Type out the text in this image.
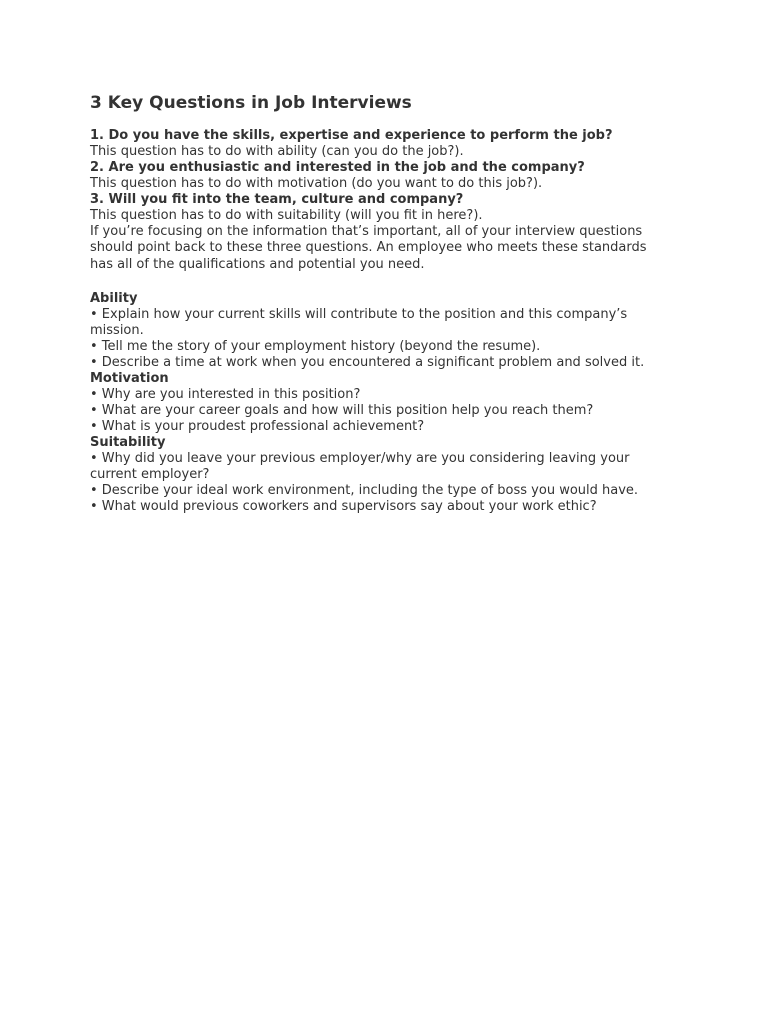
3 Key Questions in Job Interviews

1. Do you have the skills, expertise and experience to perform the job?

This question has to do with ability (can you do the job?).

2. Are you enthusiastic and interested in the job and the company?

This question has to do with motivation (do you want to do this job?).

3. Will you fit into the team, culture and company?

This question has to do with suitability (will you fit in here?).

If you’re focusing on the information that’s important, all of your interview questions should point back to these three questions. An employee who meets these standards has all of the qualifications and potential you need.

Ability

• Explain how your current skills will contribute to the position and this company’s mission.

• Tell me the story of your employment history (beyond the resume).

• Describe a time at work when you encountered a significant problem and solved it.

Motivation

• Why are you interested in this position?

• What are your career goals and how will this position help you reach them?

• What is your proudest professional achievement?

Suitability

• Why did you leave your previous employer/why are you considering leaving your current employer?

• Describe your ideal work environment, including the type of boss you would have.

• What would previous coworkers and supervisors say about your work ethic?
